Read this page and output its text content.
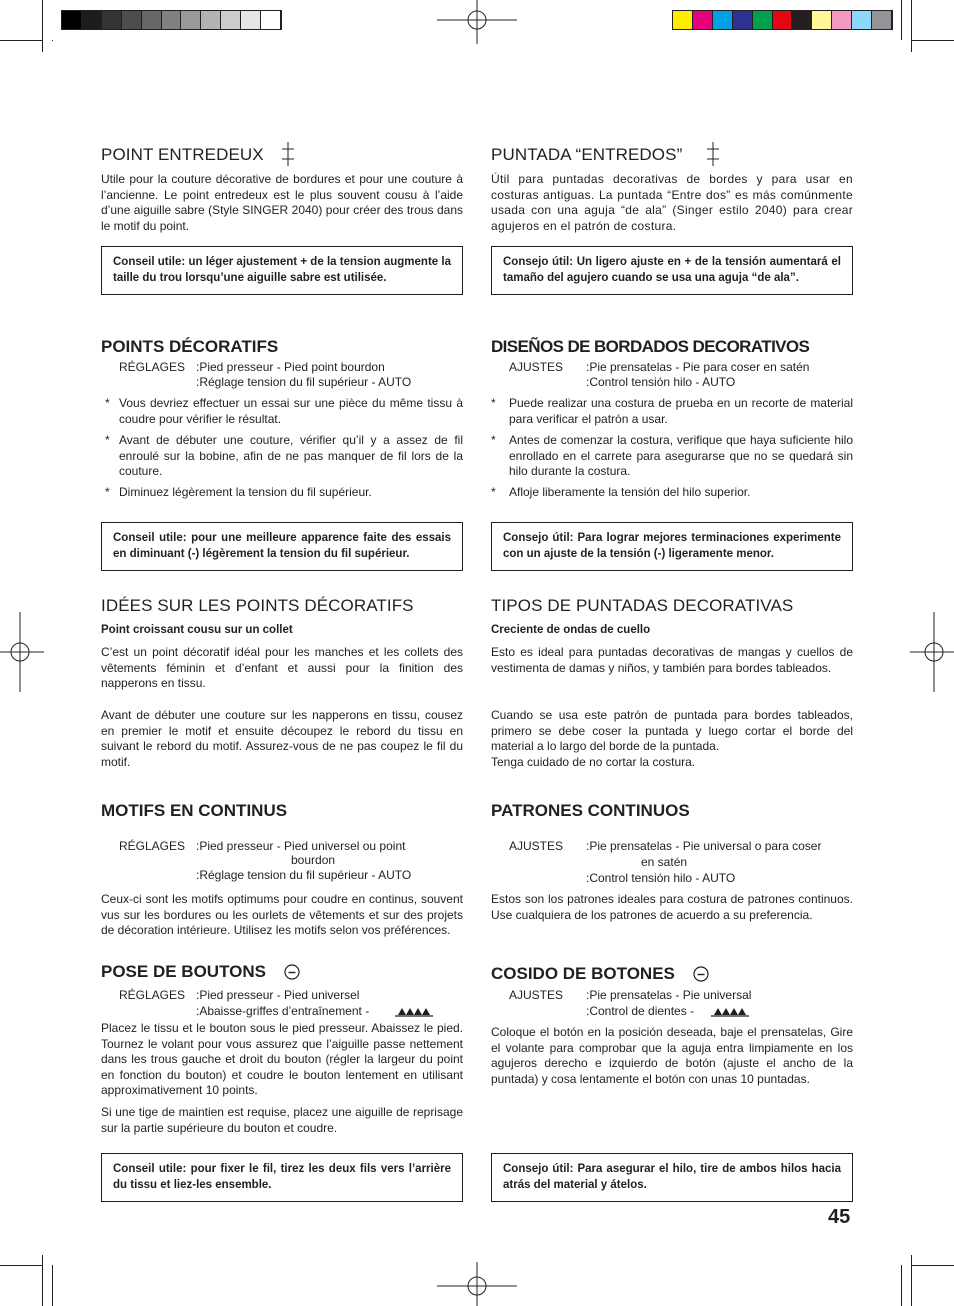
POINT ENTREDEUX

Utile pour la couture décorative de bordures et pour une couture à l’ancienne. Le point entredeux est le plus souvent cousu à l’aide d’une aiguille sabre (Style SINGER 2040) pour créer des trous dans le motif du point.

Conseil utile: un léger ajustement + de la tension augmente la taille du trou lorsqu’une aiguille sabre est utilisée.
POINTS DÉCORATIFS
RÉGLAGES :Pied presseur - Pied point bourdon
:Réglage tension du fil supérieur - AUTO
* Vous devriez effectuer un essai sur une pièce du même tissu à coudre pour vérifier le résultat.
* Avant de débuter une couture, vérifier qu’il y a assez de fil enroulé sur la bobine, afin de ne pas manquer de fil lors de la couture.
* Diminuez légèrement la tension du fil supérieur.
Conseil utile: pour une meilleure apparence faite des essais en diminuant (-) légèrement la tension du fil supérieur.
IDÉES SUR LES POINTS DÉCORATIFS

Point croissant cousu sur un collet

C’est un point décoratif idéal pour les manches et les collets des vêtements féminin et d’enfant et aussi pour la finition des napperons en tissu.

Avant de débuter une couture sur les napperons en tissu, cousez en premier le motif et ensuite découpez le rebord du tissu en suivant le rebord du motif. Assurez-vous de ne pas coupez le fil du motif.

MOTIFS EN CONTINUS
RÉGLAGES :Pied presseur - Pied universel ou point
bourdon
:Réglage tension du fil supérieur - AUTO

Ceux-ci sont les motifs optimums pour coudre en continus, souvent vus sur les bordures ou les ourlets de vêtements et sur des projets de décoration intérieure. Utilisez les motifs selon vos préférences.

POSE DE BOUTONS
RÉGLAGES :Pied presseur - Pied universel
:Abaisse-griffes d’entraînement -

Placez le tissu et le bouton sous le pied presseur. Abaissez le pied. Tournez le volant pour vous assurez que l’aiguille passe nettement dans les trous gauche et droit du bouton (régler la largeur du point en fonction du bouton) et coudre le bouton lentement en utilisant approximativement 10 points.

Si une tige de maintien est requise, placez une aiguille de reprisage sur la partie supérieure du bouton et coudre.

Conseil utile: pour fixer le fil, tirez les deux fils vers l’arrière du tissu et liez-les ensemble.
PUNTADA “ENTREDOS”

Útil para puntadas decorativas de bordes y para usar en costuras antiguas. La puntada “Entre dos” es más comúnmente usada con una aguja “de ala” (Singer estilo 2040) para crear agujeros en el patrón de costura.

Consejo útil: Un ligero ajuste en + de la tensión aumentará el tamaño del agujero cuando se usa una aguja “de ala”.
DISEÑOS DE BORDADOS DECORATIVOS
AJUSTES :Pie prensatelas - Pie para coser en satén
:Control tensión hilo - AUTO
* Puede realizar una costura de prueba en un recorte de material para verificar el patrón a usar.
* Antes de comenzar la costura, verifique que haya suficiente hilo enrollado en el carrete para asegurarse que no se quedará sin hilo durante la costura.
* Afloje liberamente la tensión del hilo superior.
Consejo útil: Para lograr mejores terminaciones experimente con un ajuste de la tensión (-) ligeramente menor.
TIPOS DE PUNTADAS DECORATIVAS

Creciente de ondas de cuello

Esto es ideal para puntadas decorativas de mangas y cuellos de vestimenta de damas y niños, y también para bordes tableados.

Cuando se usa este patrón de puntada para bordes tableados, primero se debe coser la puntada y luego cortar el borde del material a lo largo del borde de la puntada.

Tenga cuidado de no cortar la costura.

PATRONES CONTINUOS
AJUSTES :Pie prensatelas - Pie universal o para coser
en satén
:Control tensión hilo - AUTO

Estos son los patrones ideales para costura de patrones continuos. Use cualquiera de los patrones de acuerdo a su preferencia.

COSIDO DE BOTONES
AJUSTES :Pie prensatelas - Pie universal
:Control de dientes -

Coloque el botón en la posición deseada, baje el prensatelas, Gire el volante para comprobar que la aguja entra limpiamente en los agujeros derecho e izquierdo de botón (ajuste el ancho de la puntada) y cosa lentamente el botón con unas 10 puntadas.

Consejo útil: Para asegurar el hilo, tire de ambos hilos hacia atrás del material y átelos.
45
